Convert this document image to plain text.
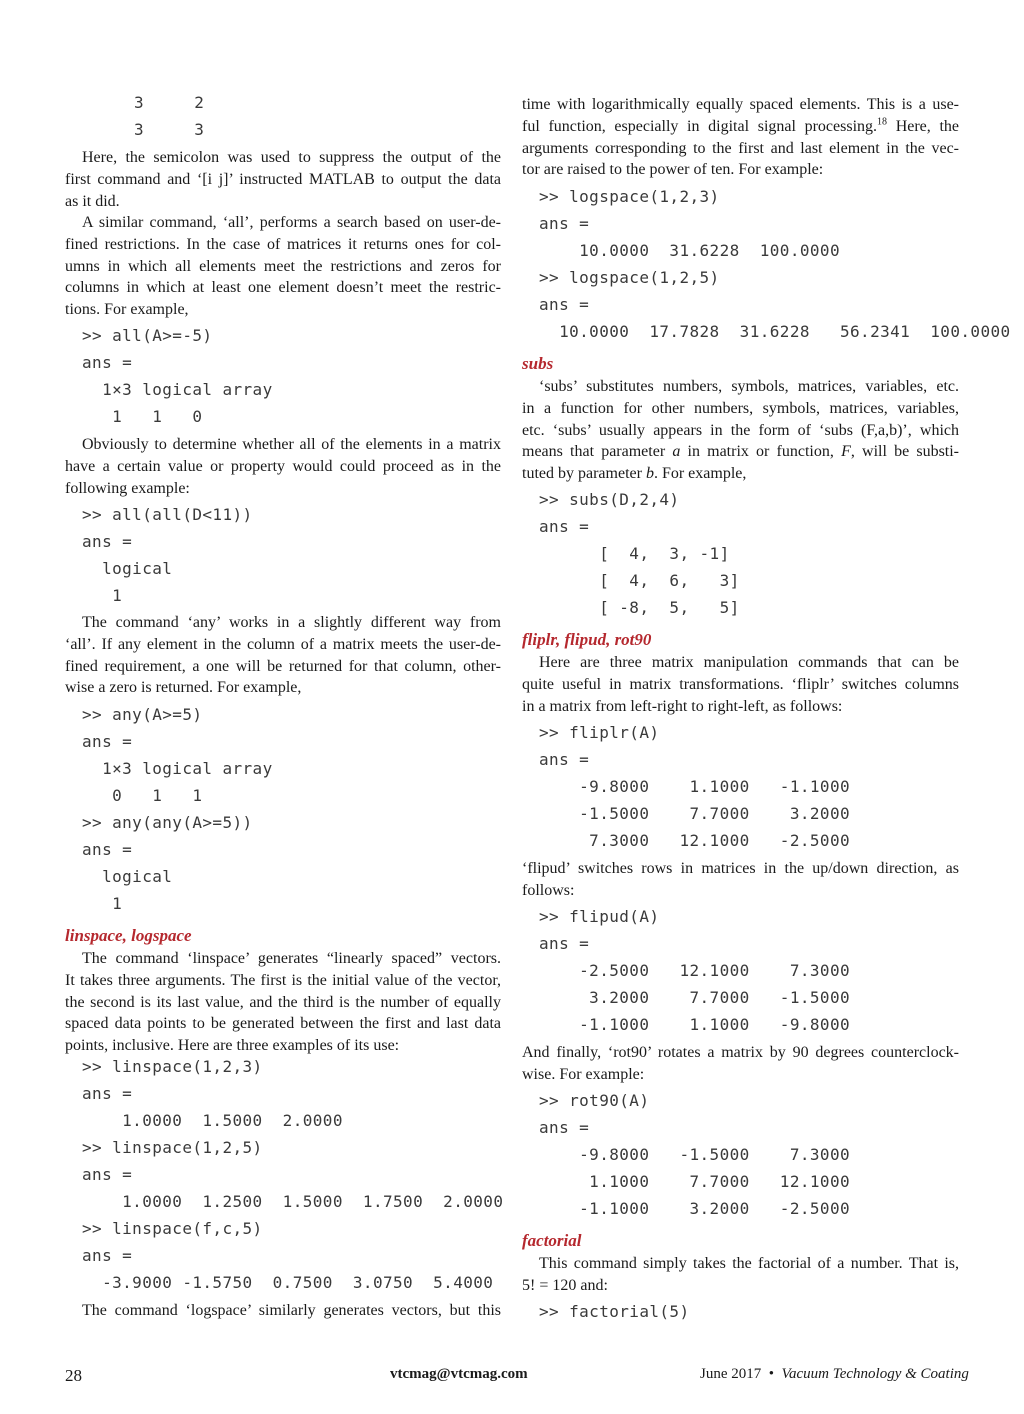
3     2
3     3
Here, the semicolon was used to suppress the output of the
first command and ‘[i j]’ instructed MATLAB to output the data
as it did.
A similar command, ‘all’, performs a search based on user-de-
fined restrictions. In the case of matrices it returns ones for col-
umns in which all elements meet the restrictions and zeros for
columns in which at least one element doesn’t meet the restric-
tions. For example,
>> all(A>=-5)
ans =
1×3 logical array
1   1   0
Obviously to determine whether all of the elements in a matrix
have a certain value or property would could proceed as in the
following example:
>> all(all(D<11))
ans =
logical
1
The command ‘any’ works in a slightly different way from
‘all’. If any element in the column of a matrix meets the user-de-
fined requirement, a one will be returned for that column, other-
wise a zero is returned. For example,
>> any(A>=5)
ans =
1×3 logical array
0   1   1
>> any(any(A>=5))
ans =
logical
1
linspace, logspace
The command ‘linspace’ generates “linearly spaced” vectors.
It takes three arguments. The first is the initial value of the vector,
the second is its last value, and the third is the number of equally
spaced data points to be generated between the first and last data
points, inclusive. Here are three examples of its use:
>> linspace(1,2,3)
ans =
1.0000  1.5000  2.0000
>> linspace(1,2,5)
ans =
1.0000  1.2500  1.5000  1.7500  2.0000
>> linspace(f,c,5)
ans =
-3.9000 -1.5750  0.7500  3.0750  5.4000
The command ‘logspace’ similarly generates vectors, but this
time with logarithmically equally spaced elements. This is a use-
ful function, especially in digital signal processing.$^{18}$ Here, the
arguments corresponding to the first and last element in the vec-
tor are raised to the power of ten. For example:
>> logspace(1,2,3)
ans =
10.0000  31.6228  100.0000
>> logspace(1,2,5)
ans =
10.0000  17.7828  31.6228   56.2341  100.0000
subs
‘subs’ substitutes numbers, symbols, matrices, variables, etc.
in a function for other numbers, symbols, matrices, variables,
etc. ‘subs’ usually appears in the form of ‘subs (F,a,b)’, which
means that parameter a in matrix or function, F, will be substi-
tuted by parameter b. For example,
>> subs(D,2,4)
ans =
[  4,  3, -1]
[  4,  6,   3]
[ -8,  5,   5]
fliplr, flipud, rot90
Here are three matrix manipulation commands that can be
quite useful in matrix transformations. ‘fliplr’ switches columns
in a matrix from left-right to right-left, as follows:
>> fliplr(A)
ans =
-9.8000    1.1000   -1.1000
-1.5000    7.7000    3.2000
7.3000   12.1000   -2.5000
‘flipud’ switches rows in matrices in the up/down direction, as
follows:
>> flipud(A)
ans =
-2.5000   12.1000    7.3000
3.2000    7.7000   -1.5000
-1.1000    1.1000   -9.8000
And finally, ‘rot90’ rotates a matrix by 90 degrees counterclock-
wise. For example:
>> rot90(A)
ans =
-9.8000   -1.5000    7.3000
1.1000    7.7000   12.1000
-1.1000    3.2000   -2.5000
factorial
This command simply takes the factorial of a number. That is,
5! = 120 and:
>> factorial(5)
28	vtcmag@vtcmag.com	June 2017 • Vacuum Technology & Coating
